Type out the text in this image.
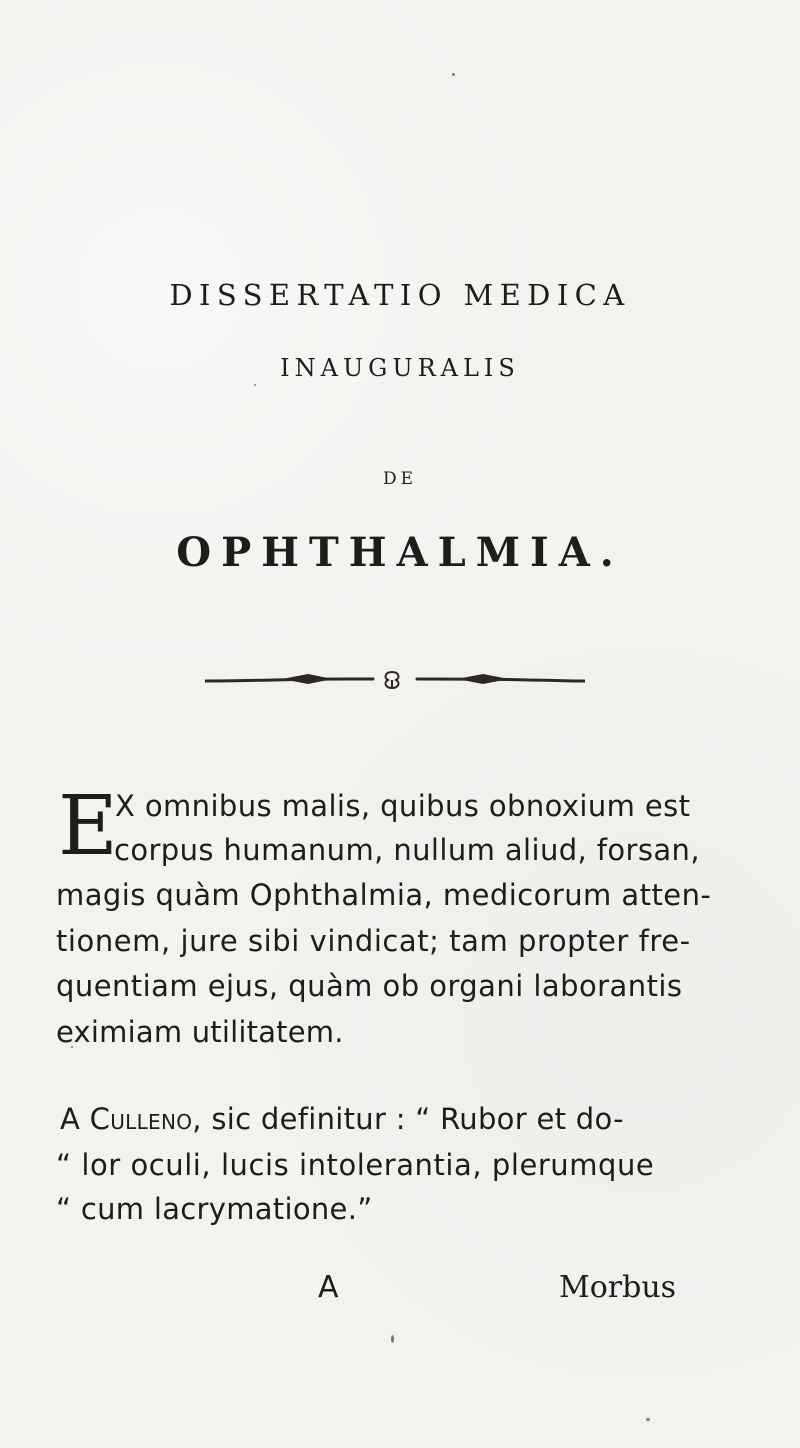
DISSERTATIO MEDICA
INAUGURALIS
DE
OPHTHALMIA.
E
X omnibus malis, quibus obnoxium est
corpus humanum, nullum aliud, forsan,
magis quàm Ophthalmia, medicorum atten-
tionem, jure sibi vindicat; tam propter fre-
quentiam ejus, quàm ob organi laborantis
eximiam utilitatem.
A Culleno, sic definitur : “ Rubor et do-
“ lor oculi, lucis intolerantia, plerumque
“ cum lacrymatione.”
A	Morbus
